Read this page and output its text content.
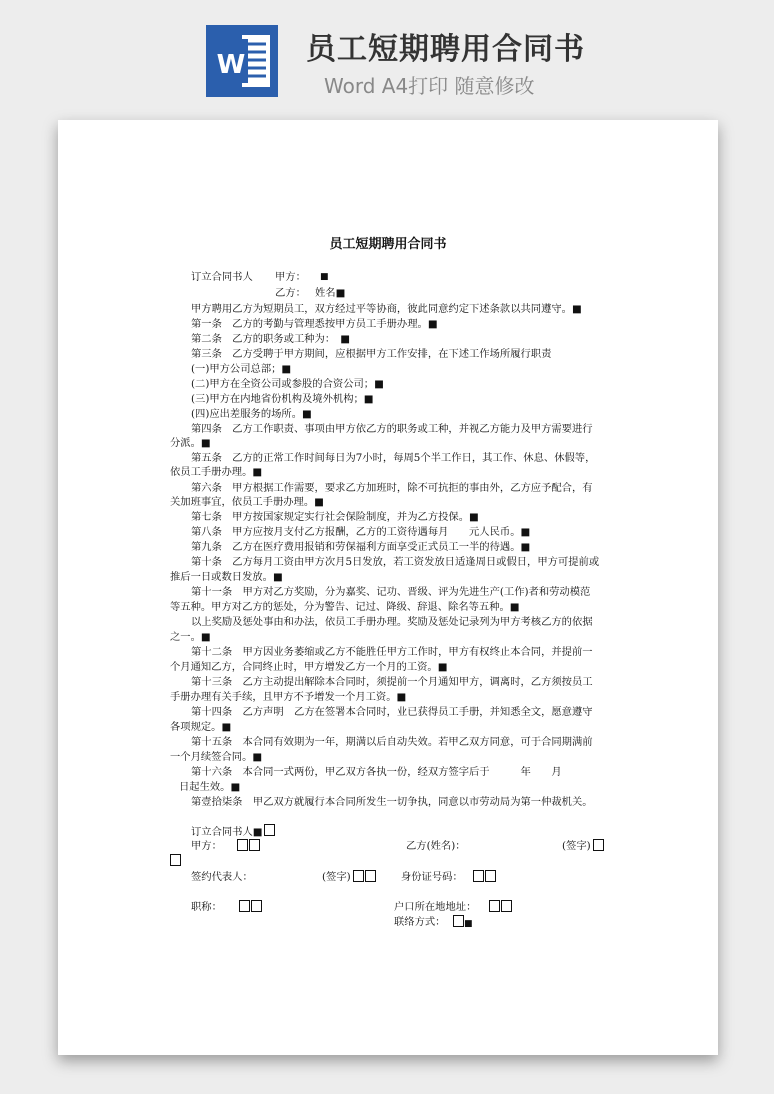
W 员工短期聘用合同书
Word A4打印 随意修改
员工短期聘用合同书
订立合同书人 甲方： ■
乙方： 姓名■
甲方聘用乙方为短期员工，双方经过平等协商，彼此同意约定下述条款以共同遵守。■
第一条　乙方的考勤与管理悉按甲方员工手册办理。■
第二条　乙方的职务或工种为：　■
第三条　乙方受聘于甲方期间，应根据甲方工作安排，在下述工作场所履行职责
(一)甲方公司总部；■
(二)甲方在全资公司或参股的合资公司；■
(三)甲方在内地省份机构及境外机构；■
(四)应出差服务的场所。■
第四条　乙方工作职责、事项由甲方依乙方的职务或工种，并视乙方能力及甲方需要进行
分派。■
第五条　乙方的正常工作时间每日为7小时，每周5个半工作日，其工作、休息、休假等，
依员工手册办理。■
第六条　甲方根据工作需要，要求乙方加班时，除不可抗拒的事由外，乙方应予配合，有
关加班事宜，依员工手册办理。■
第七条　甲方按国家规定实行社会保险制度，并为乙方投保。■
第八条　甲方应按月支付乙方报酬，乙方的工资待遇每月　　元人民币。■
第九条　乙方在医疗费用报销和劳保福利方面享受正式员工一半的待遇。■
第十条　乙方每月工资由甲方次月5日发放，若工资发放日适逢周日或假日，甲方可提前或
推后一日或数日发放。■
第十一条　甲方对乙方奖励，分为嘉奖、记功、晋级、评为先进生产(工作)者和劳动模范
等五种。甲方对乙方的惩处，分为警告、记过、降级、辞退、除名等五种。■
以上奖励及惩处事由和办法，依员工手册办理。奖励及惩处记录列为甲方考核乙方的依据
之一。■
第十二条　甲方因业务萎缩或乙方不能胜任甲方工作时，甲方有权终止本合同，并提前一
个月通知乙方，合同终止时，甲方增发乙方一个月的工资。■
第十三条　乙方主动提出解除本合同时，须提前一个月通知甲方，调离时，乙方须按员工
手册办理有关手续，且甲方不予增发一个月工资。■
第十四条　乙方声明　乙方在签署本合同时，业已获得员工手册，并知悉全文，愿意遵守
各项规定。■
第十五条　本合同有效期为一年，期满以后自动失效。若甲乙双方同意，可于合同期满前
一个月续签合同。■
第十六条　本合同一式两份，甲乙双方各执一份，经双方签字后于　　　年　　月
日起生效。■
第壹拾柒条　甲乙双方就履行本合同所发生一切争执，同意以市劳动局为第一仲裁机关。
订立合同书人■
甲方：	乙方(姓名)：	(签字)
签约代表人：	(签字)	身份证号码：
职称：	户口所在地地址：
联络方式：	■
